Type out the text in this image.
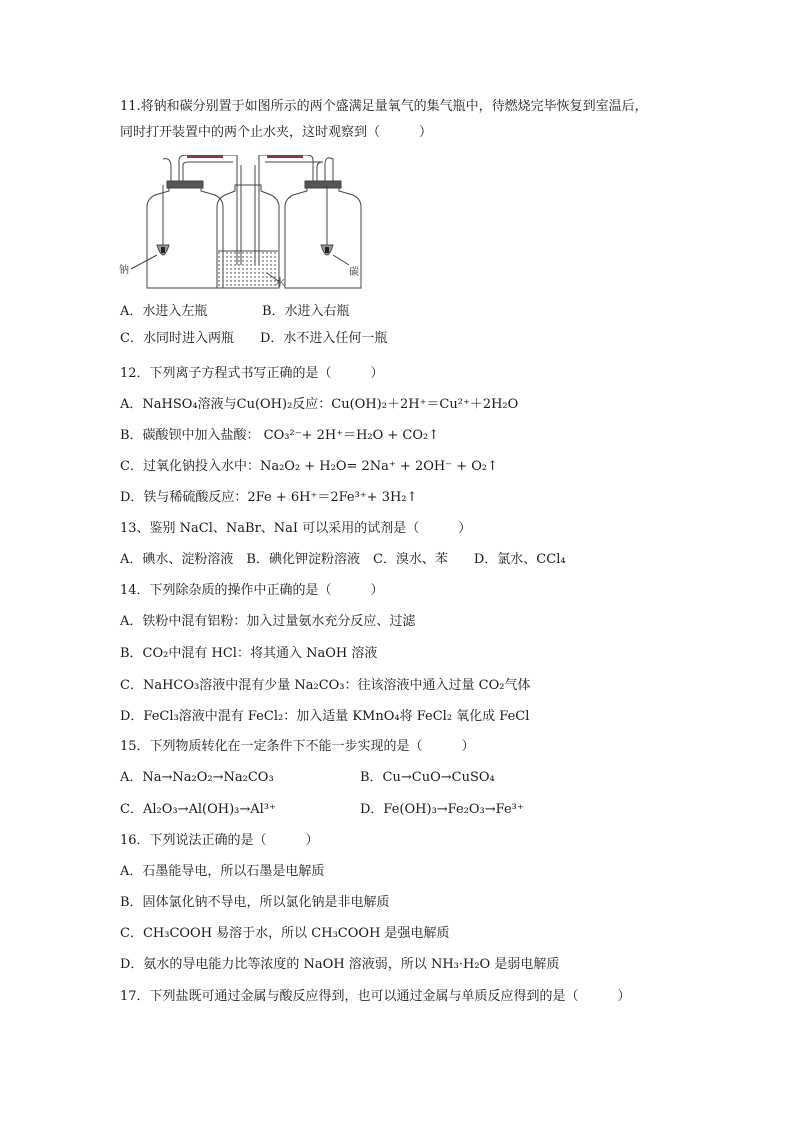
11.将钠和碳分别置于如图所示的两个盛满足量氧气的集气瓶中，待燃烧完毕恢复到室温后，
同时打开装置中的两个止水夹，这时观察到（　　　）
钠
水
碳
A．水进入左瓶	B．水进入右瓶
C．水同时进入两瓶 D．水不进入任何一瓶
12．下列离子方程式书写正确的是（　　　）
A．NaHSO₄溶液与Cu(OH)₂反应：Cu(OH)₂＋2H⁺＝Cu²⁺＋2H₂O
B．碳酸钡中加入盐酸： CO₃²⁻+ 2H⁺＝H₂O + CO₂↑
C．过氧化钠投入水中：Na₂O₂ + H₂O= 2Na⁺ + 2OH⁻ + O₂↑
D．铁与稀硫酸反应：2Fe + 6H⁺＝2Fe³⁺+ 3H₂↑
13、鉴别 NaCl、NaBr、NaI 可以采用的试剂是（　　　）
A．碘水、淀粉溶液　B．碘化钾淀粉溶液　C．溴水、苯　　D．氯水、CCl₄
14．下列除杂质的操作中正确的是（　　　）
A．铁粉中混有铝粉：加入过量氨水充分反应、过滤
B．CO₂中混有 HCl：将其通入 NaOH 溶液
C．NaHCO₃溶液中混有少量 Na₂CO₃：往该溶液中通入过量 CO₂气体
D．FeCl₃溶液中混有 FeCl₂：加入适量 KMnO₄将 FeCl₂ 氧化成 FeCl
15．下列物质转化在一定条件下不能一步实现的是（　　　）
A．Na→Na₂O₂→Na₂CO₃	B．Cu→CuO→CuSO₄
C．Al₂O₃→Al(OH)₃→Al³⁺	D．Fe(OH)₃→Fe₂O₃→Fe³⁺
16．下列说法正确的是（　　　）
A．石墨能导电，所以石墨是电解质
B．固体氯化钠不导电，所以氯化钠是非电解质
C．CH₃COOH 易溶于水，所以 CH₃COOH 是强电解质
D．氨水的导电能力比等浓度的 NaOH 溶液弱，所以 NH₃·H₂O 是弱电解质
17．下列盐既可通过金属与酸反应得到，也可以通过金属与单质反应得到的是（　　　）
